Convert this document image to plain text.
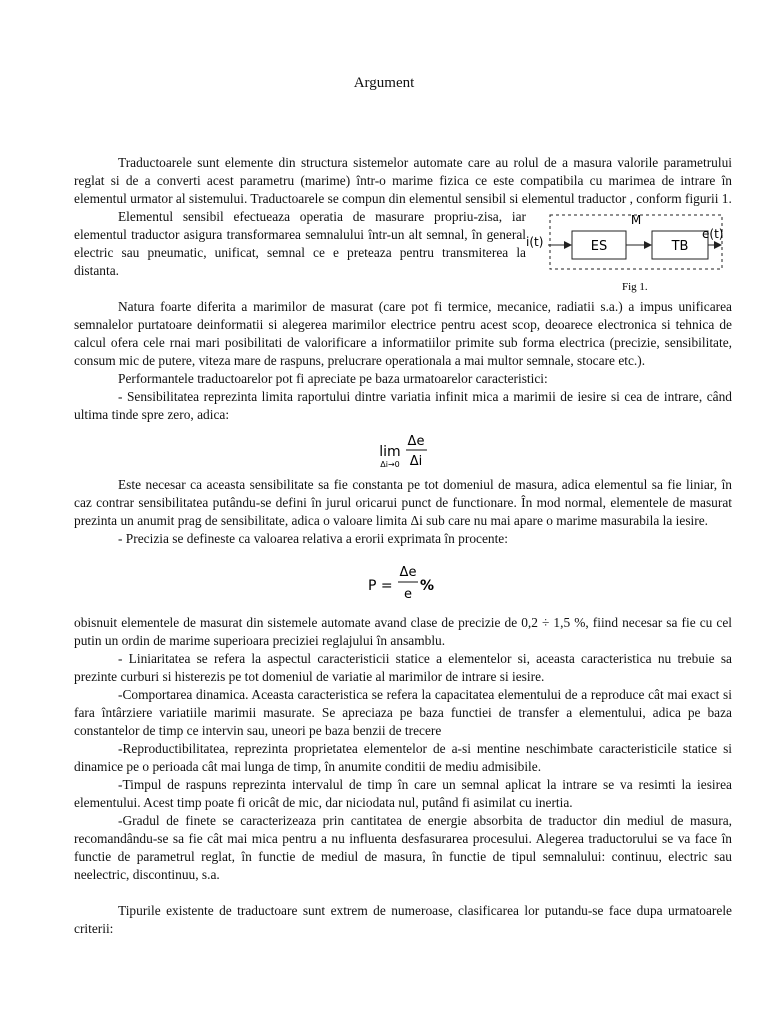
Argument

Traductoarele sunt elemente din structura sistemelor automate care au rolul de a masura valorile parametrului reglat si de a converti acest parametru (marime) într-o marime fizica ce este compatibila cu marimea de intrare în elementul urmator al sistemului. Traductoarele se compun din elementul sensibil si elementul traductor , conform figurii 1.

M
i(t)	ES	TB
e(t)
Fig 1.

Elementul sensibil efectueaza operatia de masurare propriu-zisa, iar elementul traductor asigura transformarea semnalului într-un alt semnal, în general electric sau pneumatic, unificat, semnal ce e preteaza pentru transmiterea la distanta.

Natura foarte diferita a marimilor de masurat (care pot fi termice, mecanice, radiatii s.a.) a impus unificarea semnalelor purtatoare deinformatii si alegerea marimilor electrice pentru acest scop, deoarece electronica si tehnica de calcul ofera cele rnai mari posibilitati de valorificare a informatiilor primite sub forma electrica (precizie, sensibilitate, consum mic de putere, viteza mare de raspuns, prelucrare operationala a mai multor semnale, stocare etc.).

Performantele traductoarelor pot fi apreciate pe baza urmatoarelor caracteristici:

- Sensibilitatea reprezinta limita raportului dintre variatia infinit mica a marimii de iesire si cea de intrare, când ultima tinde spre zero, adica:

lim
Δi→0
Δe
Δi

Este necesar ca aceasta sensibilitate sa fie constanta pe tot domeniul de masura, adica elementul sa fie liniar, în caz contrar sensibilitatea putându-se defini în jurul oricarui punct de functionare. În mod normal, elementele de masurat prezinta un anumit prag de sensibilitate, adica o valoare limita Δi sub care nu mai apare o marime masurabila la iesire.

- Precizia se defineste ca valoarea relativa a erorii exprimata în procente:

P =
Δe
e
%

obisnuit elementele de masurat din sistemele automate avand clase de precizie de 0,2 ÷ 1,5 %, fiind necesar sa fie cu cel putin un ordin de marime superioara preciziei reglajului în ansamblu.

- Liniaritatea se refera la aspectul caracteristicii statice a elementelor si, aceasta caracteristica nu trebuie sa prezinte curburi si histerezis pe tot domeniul de variatie al marimilor de intrare si iesire.

-Comportarea dinamica. Aceasta caracteristica se refera la capacitatea elementului de a reproduce cât mai exact si fara întârziere variatiile marimii masurate. Se apreciaza pe baza functiei de transfer a elementului, adica pe baza constantelor de timp ce intervin sau, uneori pe baza benzii de trecere

-Reproductibilitatea, reprezinta proprietatea elementelor de a-si mentine neschimbate caracteristicile statice si dinamice pe o perioada cât mai lunga de timp, în anumite conditii de mediu admisibile.

-Timpul de raspuns reprezinta intervalul de timp în care un semnal aplicat la intrare se va resimti la iesirea elementului. Acest timp poate fi oricât de mic, dar niciodata nul, putând fi asimilat cu inertia.

-Gradul de finete se caracterizeaza prin cantitatea de energie absorbita de traductor din mediul de masura, recomandându-se sa fie cât mai mica pentru a nu influenta desfasurarea procesului. Alegerea traductorului se va face în functie de parametrul reglat, în functie de mediul de masura, în functie de tipul semnalului: continuu, electric sau neelectric, discontinuu, s.a.

Tipurile existente de traductoare sunt extrem de numeroase, clasificarea lor putandu-se face dupa urmatoarele criterii:
